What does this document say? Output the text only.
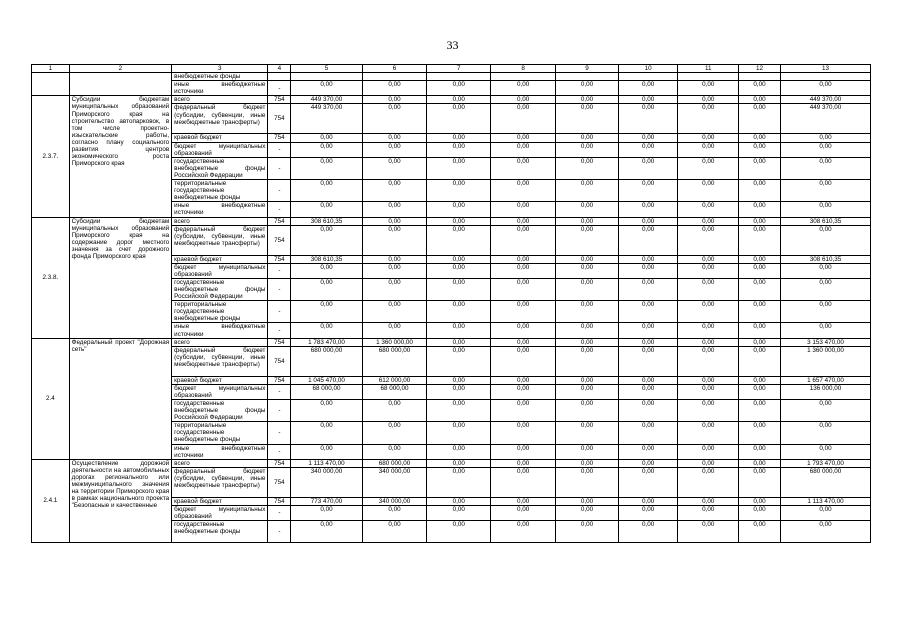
33
1	2	3	4	5	6	7	8	9	10	11	12	13
		внебюджетные фонды										
		иные внебюджетные источники	-	0,00	0,00	0,00	0,00	0,00	0,00	0,00	0,00	0,00
2.3.7.	Субсидии бюджетам муниципальных образований Приморского края на строительство автопарковок, в том числе проектно-изыскательские работы, согласно плану социального развития центров экономического роста Приморского края	всего	754	449 370,00	0,00	0,00	0,00	0,00	0,00	0,00	0,00	449 370,00
		федеральный бюджет (субсидии, субвенции, иные межбюджетные трансферты)	754	449 370,00	0,00	0,00	0,00	0,00	0,00	0,00	0,00	449 370,00
		краевой бюджет	754	0,00	0,00	0,00	0,00	0,00	0,00	0,00	0,00	0,00
		бюджет муниципальных образований	-	0,00	0,00	0,00	0,00	0,00	0,00	0,00	0,00	0,00
		государственные внебюджетные фонды Российской Федерации	-	0,00	0,00	0,00	0,00	0,00	0,00	0,00	0,00	0,00
		территориальные государственные внебюджетные фонды	-	0,00	0,00	0,00	0,00	0,00	0,00	0,00	0,00	0,00
		иные внебюджетные источники	-	0,00	0,00	0,00	0,00	0,00	0,00	0,00	0,00	0,00
2.3.8.	Субсидии бюджетам муниципальных образований Приморского края на содержание дорог местного значения за счет дорожного фонда Приморского края	всего	754	308 610,35	0,00	0,00	0,00	0,00	0,00	0,00	0,00	308 610,35
		федеральный бюджет (субсидии, субвенции, иные межбюджетные трансферты)	754	0,00	0,00	0,00	0,00	0,00	0,00	0,00	0,00	0,00
		краевой бюджет	754	308 610,35	0,00	0,00	0,00	0,00	0,00	0,00	0,00	308 610,35
		бюджет муниципальных образований	-	0,00	0,00	0,00	0,00	0,00	0,00	0,00	0,00	0,00
		государственные внебюджетные фонды Российской Федерации	-	0,00	0,00	0,00	0,00	0,00	0,00	0,00	0,00	0,00
		территориальные государственные внебюджетные фонды	-	0,00	0,00	0,00	0,00	0,00	0,00	0,00	0,00	0,00
		иные внебюджетные источники	-	0,00	0,00	0,00	0,00	0,00	0,00	0,00	0,00	0,00
2.4	Федеральный проект "Дорожная сеть"	всего	754	1 783 470,00	1 360 000,00	0,00	0,00	0,00	0,00	0,00	0,00	3 153 470,00
		федеральный бюджет (субсидии, субвенции, иные межбюджетные трансферты)	754	680 000,00	680 000,00	0,00	0,00	0,00	0,00	0,00	0,00	1 360 000,00
		краевой бюджет	754	1 045 470,00	612 000,00	0,00	0,00	0,00	0,00	0,00	0,00	1 657 470,00
		бюджет муниципальных образований	-	68 000,00	68 000,00	0,00	0,00	0,00	0,00	0,00	0,00	136 000,00
		государственные внебюджетные фонды Российской Федерации	-	0,00	0,00	0,00	0,00	0,00	0,00	0,00	0,00	0,00
		территориальные государственные внебюджетные фонды	-	0,00	0,00	0,00	0,00	0,00	0,00	0,00	0,00	0,00
		иные внебюджетные источники	-	0,00	0,00	0,00	0,00	0,00	0,00	0,00	0,00	0,00
2.4.1	Осуществление дорожной деятельности на автомобильных дорогах регионального или межмуниципального значения на территории Приморского края в рамках национального проекта "Безопасные и качественные	всего	754	1 113 470,00	680 000,00	0,00	0,00	0,00	0,00	0,00	0,00	1 793 470,00
		федеральный бюджет (субсидии, субвенции, иные межбюджетные трансферты)	754	340 000,00	340 000,00	0,00	0,00	0,00	0,00	0,00	0,00	680 000,00
		краевой бюджет	754	773 470,00	340 000,00	0,00	0,00	0,00	0,00	0,00	0,00	1 113 470,00
		бюджет муниципальных образований	-	0,00	0,00	0,00	0,00	0,00	0,00	0,00	0,00	0,00
		государственные внебюджетные фонды	-	0,00	0,00	0,00	0,00	0,00	0,00	0,00	0,00	0,00
